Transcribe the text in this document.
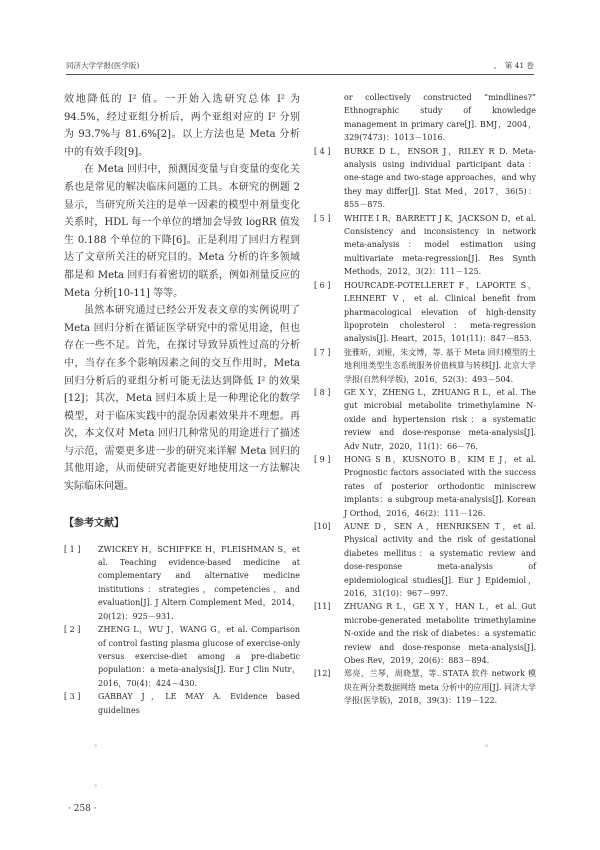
同济大学学报(医学版)	。　 第 41 卷

效地降低的 I² 值。一开始入选研究总体 I² 为 94.5%，经过亚组分析后，两个亚组对应的 I² 分别为 93.7%与 81.6%[2]。以上方法也是 Meta 分析中的有效手段[9]。

在 Meta 回归中，预测因变量与自变量的变化关系也是常见的解决临床问题的工具。本研究的例题 2 显示，当研究所关注的是单一因素的模型中剂量变化关系时，HDL 每一个单位的增加会导致 logRR 值发生 0.188 个单位的下降[6]。正是利用了回归方程到达了文章所关注的研究目的。Meta 分析的许多领域都是和 Meta 回归有着密切的联系，例如剂量反应的 Meta 分析[10-11] 等等。

虽然本研究通过已经公开发表文章的实例说明了 Meta 回归分析在循证医学研究中的常见用途，但也存在一些不足。首先，在探讨导致异质性过高的分析中，当存在多个影响因素之间的交互作用时，Meta 回归分析后的亚组分析可能无法达到降低 I² 的效果[12]；其次，Meta 回归本质上是一种理论化的数学模型，对于临床实践中的混杂因素效果并不理想。再次，本文仅对 Meta 回归几种常见的用途进行了描述与示范，需要更多进一步的研究来详解 Meta 回归的其他用途，从而使研究者能更好地使用这一方法解决实际临床问题。

【参考文献】
[ 1 ]	ZWICKEY H，SCHIFFKE H，FLEISHMAN S，et al. Teaching evidence-based medicine at complementary and alternative medicine institutions：strategies，competencies，and evaluation[J]. J Altern Complement Med，2014，20(12)：925－931.
[ 2 ]	ZHENG L，WU J，WANG G，et al. Comparison of control fasting plasma glucose of exercise-only versus exercise-diet among a pre-diabetic population：a meta-analysis[J]. Eur J Clin Nutr，2016，70(4)：424－430.
[ 3 ]	GABBAY J，LE MAY A. Evidence based guidelines
or collectively constructed “mindlines?” Ethnographic study of knowledge management in primary care[J]. BMJ，2004，329(7473)：1013－1016.
[ 4 ]	BURKE D L，ENSOR J，RILEY R D. Meta-analysis using individual participant data：one-stage and two-stage approaches，and why they may differ[J]. Stat Med，2017，36(5)：855－875.
[ 5 ]	WHITE I R，BARRETT J K，JACKSON D，et al. Consistency and inconsistency in network meta-analysis：model estimation using multivariate meta-regression[J]. Res Synth Methods，2012，3(2)：111－125.
[ 6 ]	HOURCADE-POTELLERET F，LAPORTE S，LEHNERT V，et al. Clinical benefit from pharmacological elevation of high-density lipoprotein cholesterol：meta-regression analysis[J]. Heart，2015，101(11)：847－853.
[ 7 ]	张雅昕，刘娅，朱文博，等. 基于 Meta 回归模型的土地利用类型生态系统服务价值核算与转移[J]. 北京大学学报(自然科学版)，2016，52(3)：493－504.
[ 8 ]	GE X Y，ZHENG L，ZHUANG R L，et al. The gut microbial metabolite trimethylamine N-oxide and hypertension risk：a systematic review and dose-response meta-analysis[J]. Adv Nutr，2020，11(1)：66－76.
[ 9 ]	HONG S B，KUSNOTO B，KIM E J，et al. Prognostic factors associated with the success rates of posterior orthodontic miniscrew implants：a subgroup meta-analysis[J]. Korean J Orthod，2016，46(2)：111－126.
[10]	AUNE D，SEN A，HENRIKSEN T，et al. Physical activity and the risk of gestational diabetes mellitus：a systematic review and dose-response meta-analysis of epidemiological studies[J]. Eur J Epidemiol，2016，31(10)：967－997.
[11]	ZHUANG R L，GE X Y，HAN L，et al. Gut microbe-generated metabolite trimethylamine N-oxide and the risk of diabetes：a systematic review and dose-response meta-analysis[J]. Obes Rev，2019，20(6)：883－894.
[12]	郑亮，兰琴，周晓慧，等. STATA 软件 network 模块在两分类数据网络 meta 分析中的应用[J]. 同济大学学报(医学版)，2018，39(3)：119－122.
。	。
。
· 258 ·
